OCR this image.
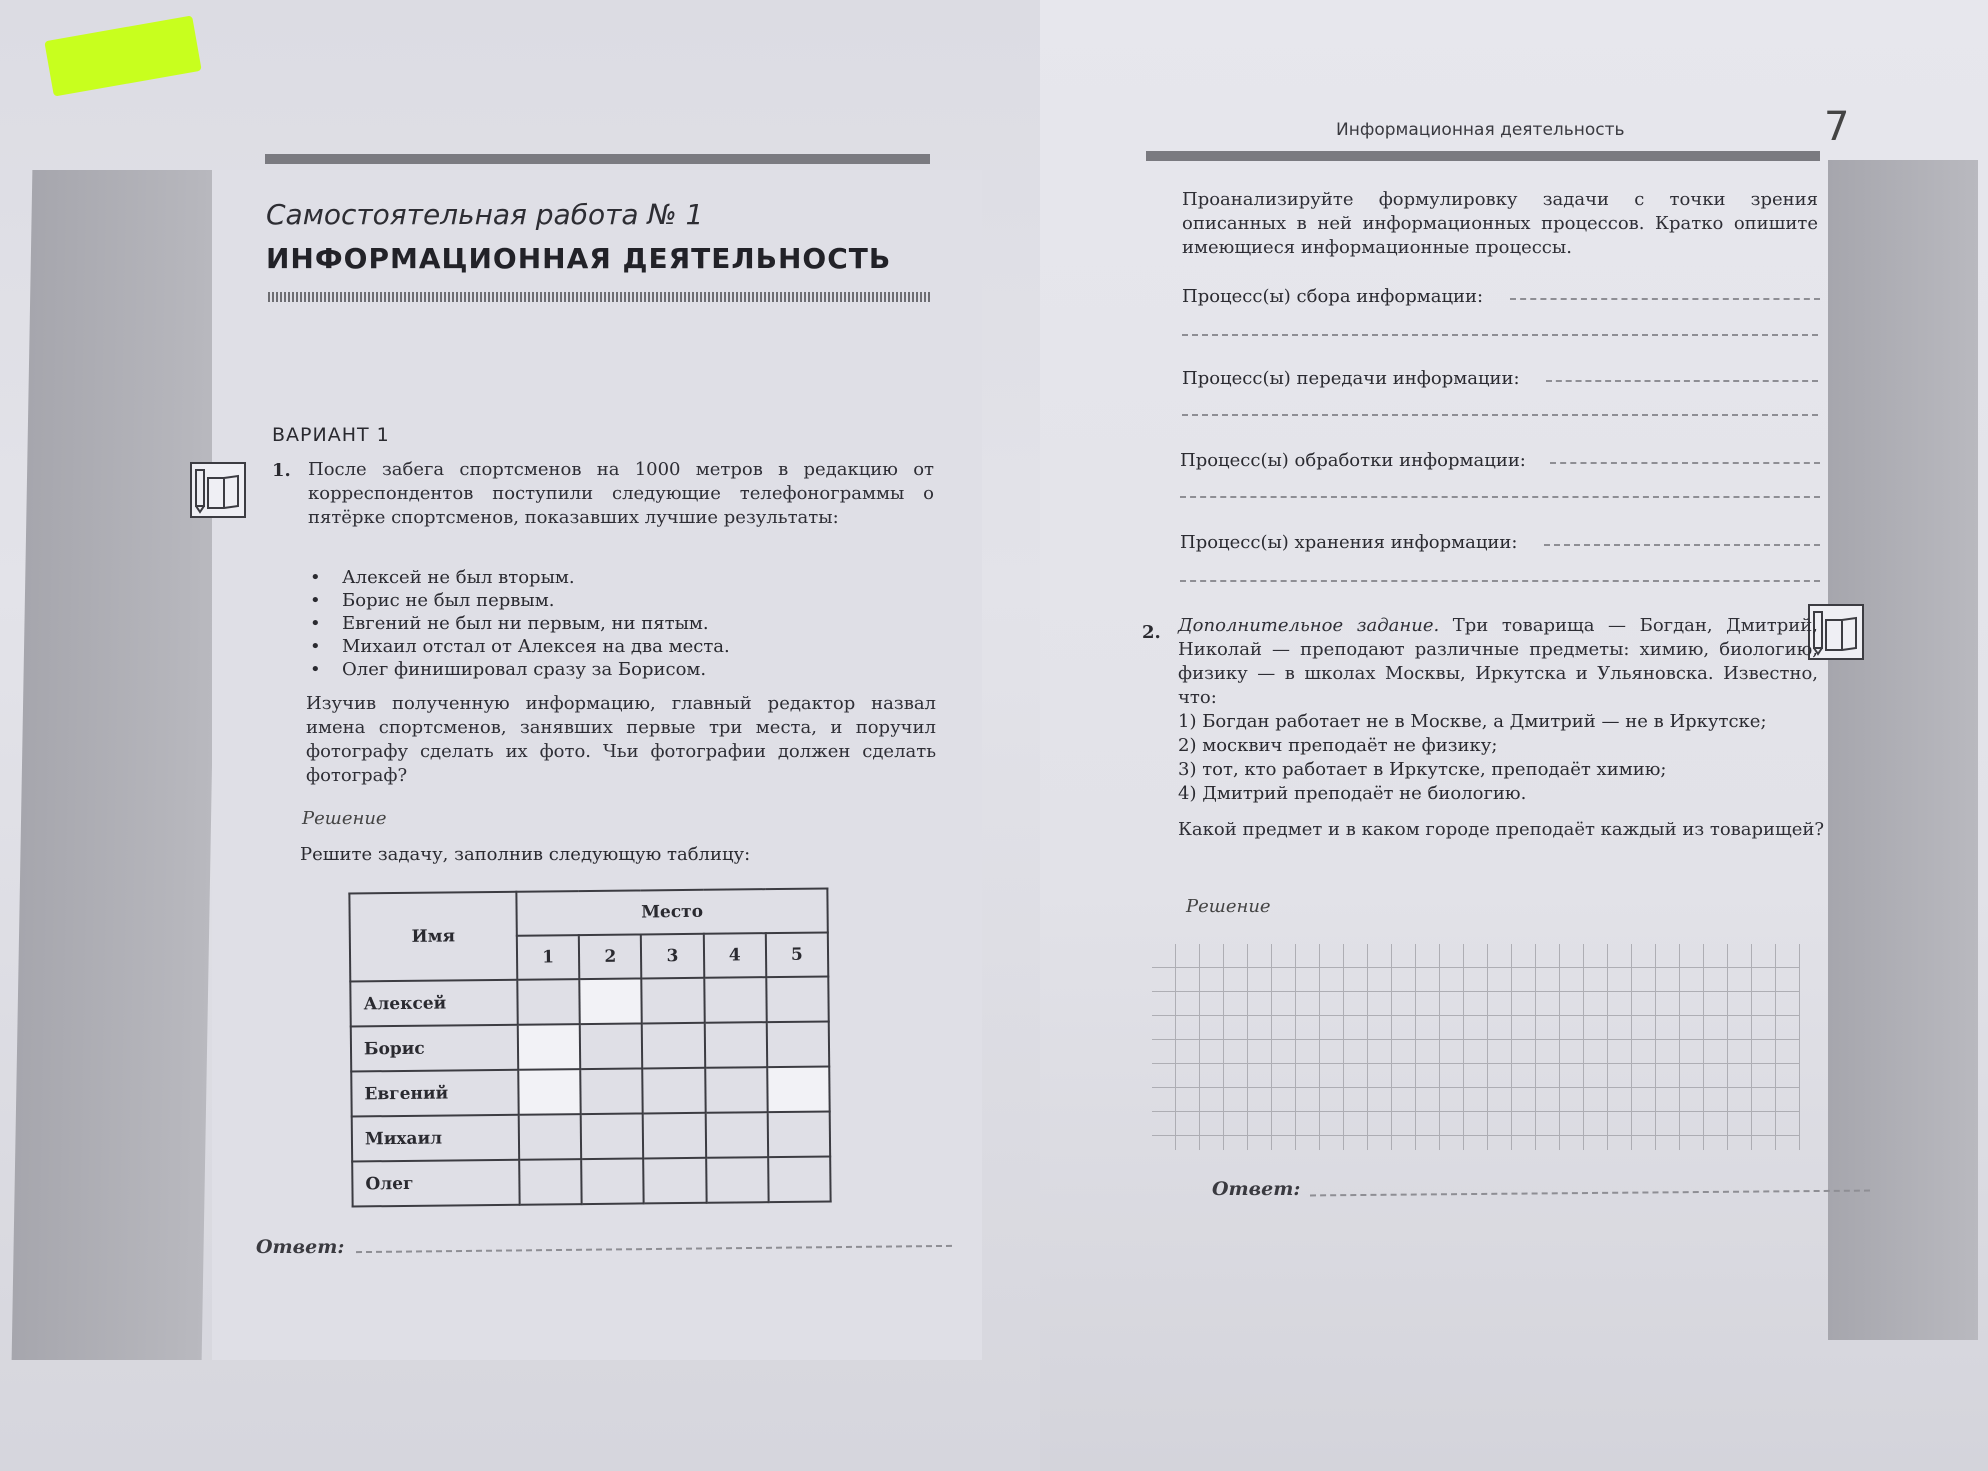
Самостоятельная работа № 1
ИНФОРМАЦИОННАЯ ДЕЯТЕЛЬНОСТЬ
ВАРИАНТ 1
1. После забега спортсменов на 1000 метров в редакцию от корреспондентов поступили следующие телефонограммы о пятёрке спортсменов, показавших лучшие результаты:
• Алексей не был вторым.
• Борис не был первым.
• Евгений не был ни первым, ни пятым.
• Михаил отстал от Алексея на два места.
• Олег финишировал сразу за Борисом.
Изучив полученную информацию, главный редактор назвал имена спортсменов, занявших первые три места, и поручил фотографу сделать их фото. Чьи фотографии должен сделать фотограф?
Решение
Решите задачу, заполнив следующую таблицу:
Имя	Место				
	1	2	3	4	5
Алексей					
Борис					
Евгений					
Михаил					
Олег					
Ответ:
Информационная деятельность	7
Проанализируйте формулировку задачи с точки зрения описанных в ней информационных процессов. Кратко опишите имеющиеся информационные процессы.
Процесс(ы) сбора информации:
Процесс(ы) передачи информации:
Процесс(ы) обработки информации:
Процесс(ы) хранения информации:
2. Дополнительное задание. Три товарища — Богдан, Дмитрий, Николай — преподают различные предметы: химию, биологию, физику — в школах Москвы, Иркутска и Ульяновска. Известно, что:
1) Богдан работает не в Москве, а Дмитрий — не в Иркутске;
2) москвич преподаёт не физику;
3) тот, кто работает в Иркутске, преподаёт химию;
4) Дмитрий преподаёт не биологию.
Какой предмет и в каком городе преподаёт каждый из товарищей?
Решение
Ответ:
